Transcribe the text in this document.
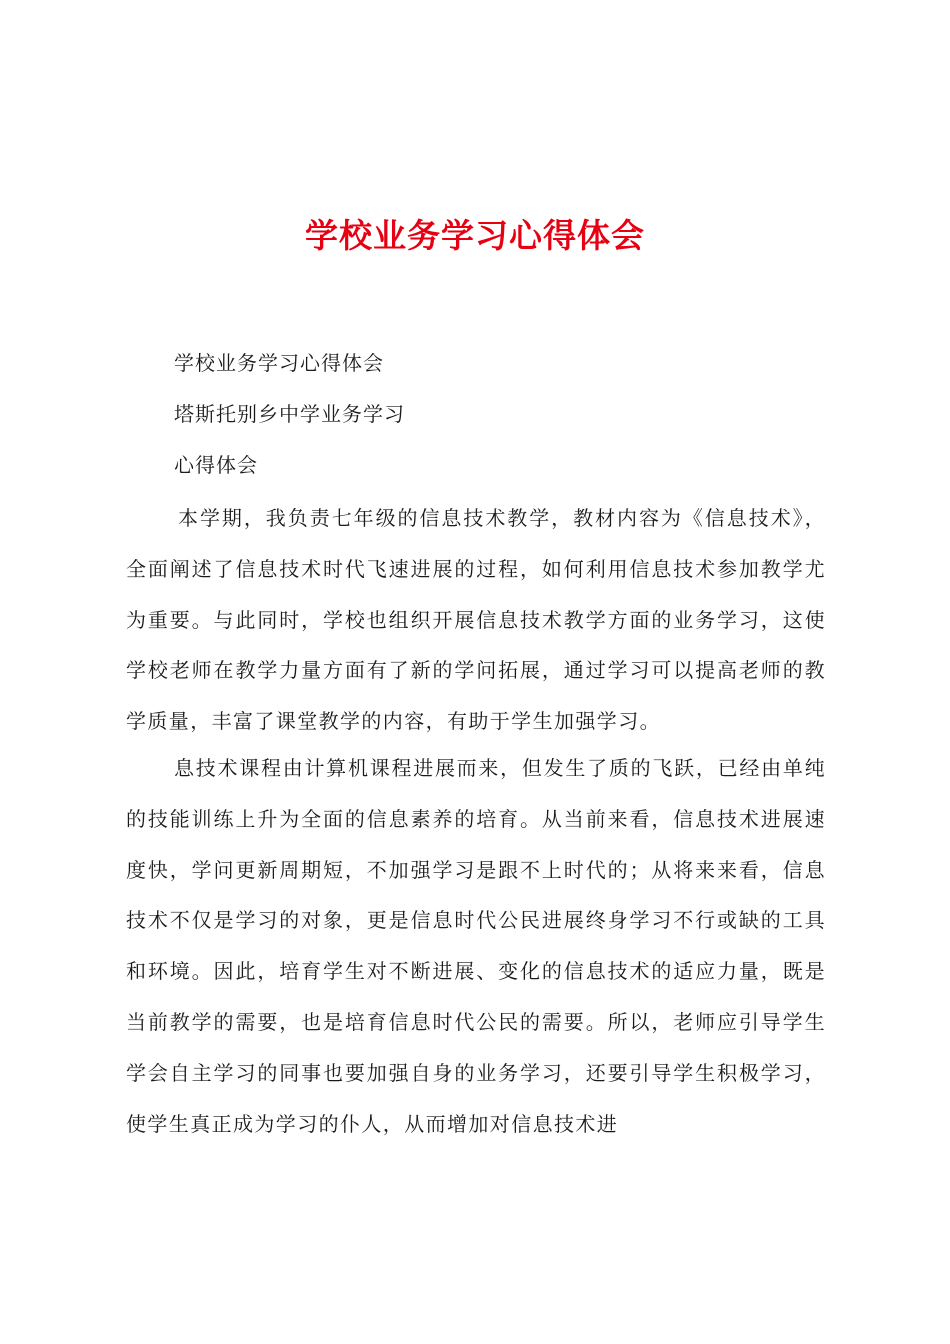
学校业务学习心得体会
学校业务学习心得体会
塔斯托别乡中学业务学习
心得体会

本学期，我负责七年级的信息技术教学，教材内容为《信息技术》，全面阐述了信息技术时代飞速进展的过程，如何利用信息技术参加教学尤为重要。与此同时，学校也组织开展信息技术教学方面的业务学习，这使学校老师在教学力量方面有了新的学问拓展，通过学习可以提高老师的教学质量，丰富了课堂教学的内容，有助于学生加强学习。

息技术课程由计算机课程进展而来，但发生了质的飞跃，已经由单纯的技能训练上升为全面的信息素养的培育。从当前来看，信息技术进展速度快，学问更新周期短，不加强学习是跟不上时代的；从将来来看，信息技术不仅是学习的对象，更是信息时代公民进展终身学习不行或缺的工具和环境。因此，培育学生对不断进展、变化的信息技术的适应力量，既是当前教学的需要，也是培育信息时代公民的需要。所以，老师应引导学生学会自主学习的同事也要加强自身的业务学习，还要引导学生积极学习，使学生真正成为学习的仆人，从而增加对信息技术进
